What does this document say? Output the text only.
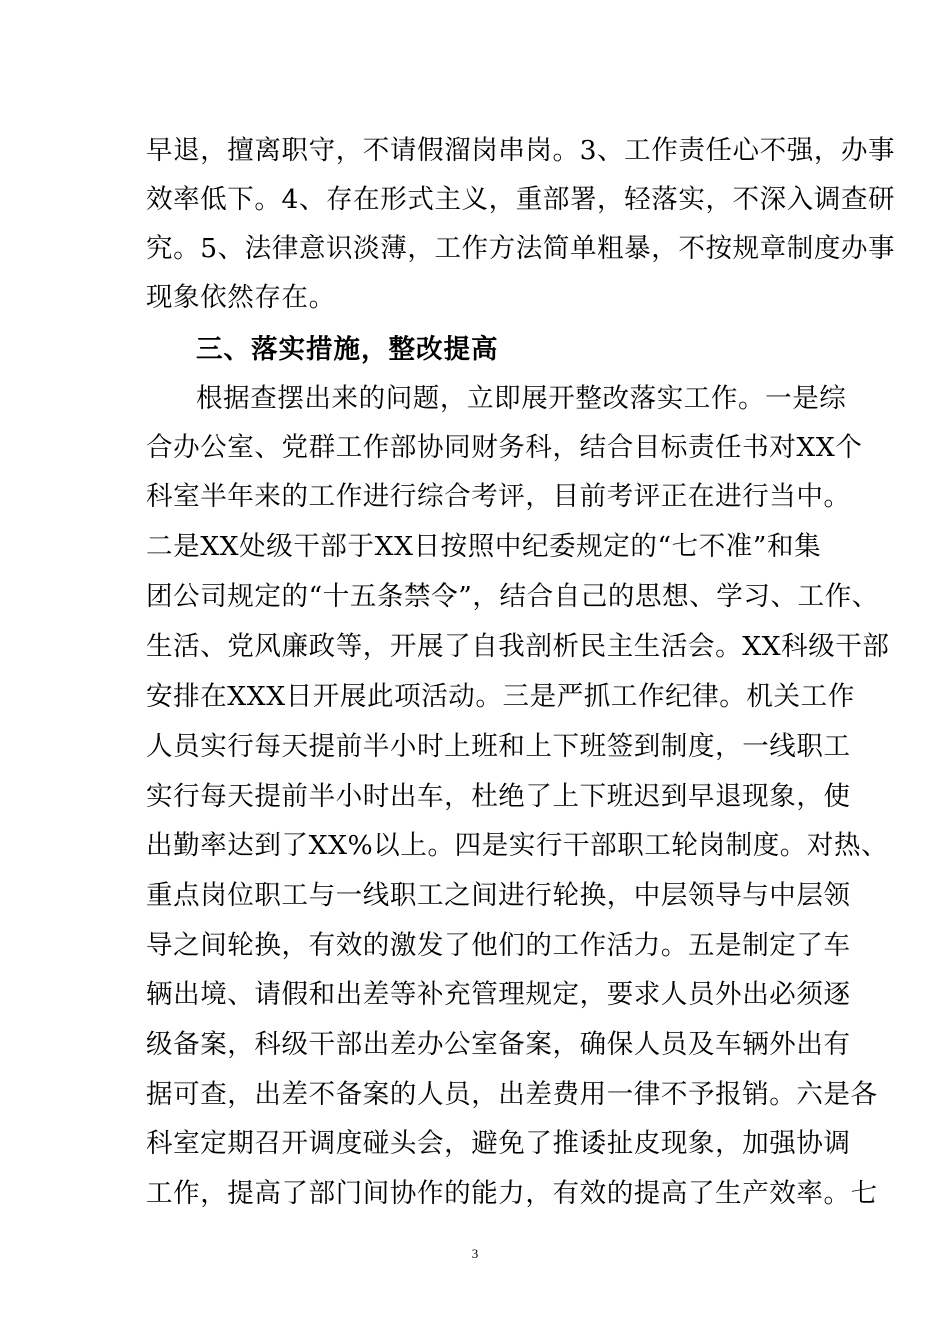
早退，擅离职守，不请假溜岗串岗。3、工作责任心不强，办事
效率低下。4、存在形式主义，重部署，轻落实，不深入调查研
究。5、法律意识淡薄，工作方法简单粗暴，不按规章制度办事
现象依然存在。
三、落实措施，整改提高
根据查摆出来的问题，立即展开整改落实工作。一是综
合办公室、党群工作部协同财务科，结合目标责任书对XX个
科室半年来的工作进行综合考评，目前考评正在进行当中。
二是XX处级干部于XX日按照中纪委规定的“七不准”和集
团公司规定的“十五条禁令”，结合自己的思想、学习、工作、
生活、党风廉政等，开展了自我剖析民主生活会。XX科级干部
安排在XXX日开展此项活动。三是严抓工作纪律。机关工作
人员实行每天提前半小时上班和上下班签到制度，一线职工
实行每天提前半小时出车，杜绝了上下班迟到早退现象，使
出勤率达到了XX%以上。四是实行干部职工轮岗制度。对热、
重点岗位职工与一线职工之间进行轮换，中层领导与中层领
导之间轮换，有效的激发了他们的工作活力。五是制定了车
辆出境、请假和出差等补充管理规定，要求人员外出必须逐
级备案，科级干部出差办公室备案，确保人员及车辆外出有
据可查，出差不备案的人员，出差费用一律不予报销。六是各
科室定期召开调度碰头会，避免了推诿扯皮现象，加强协调
工作，提高了部门间协作的能力，有效的提高了生产效率。七
3
